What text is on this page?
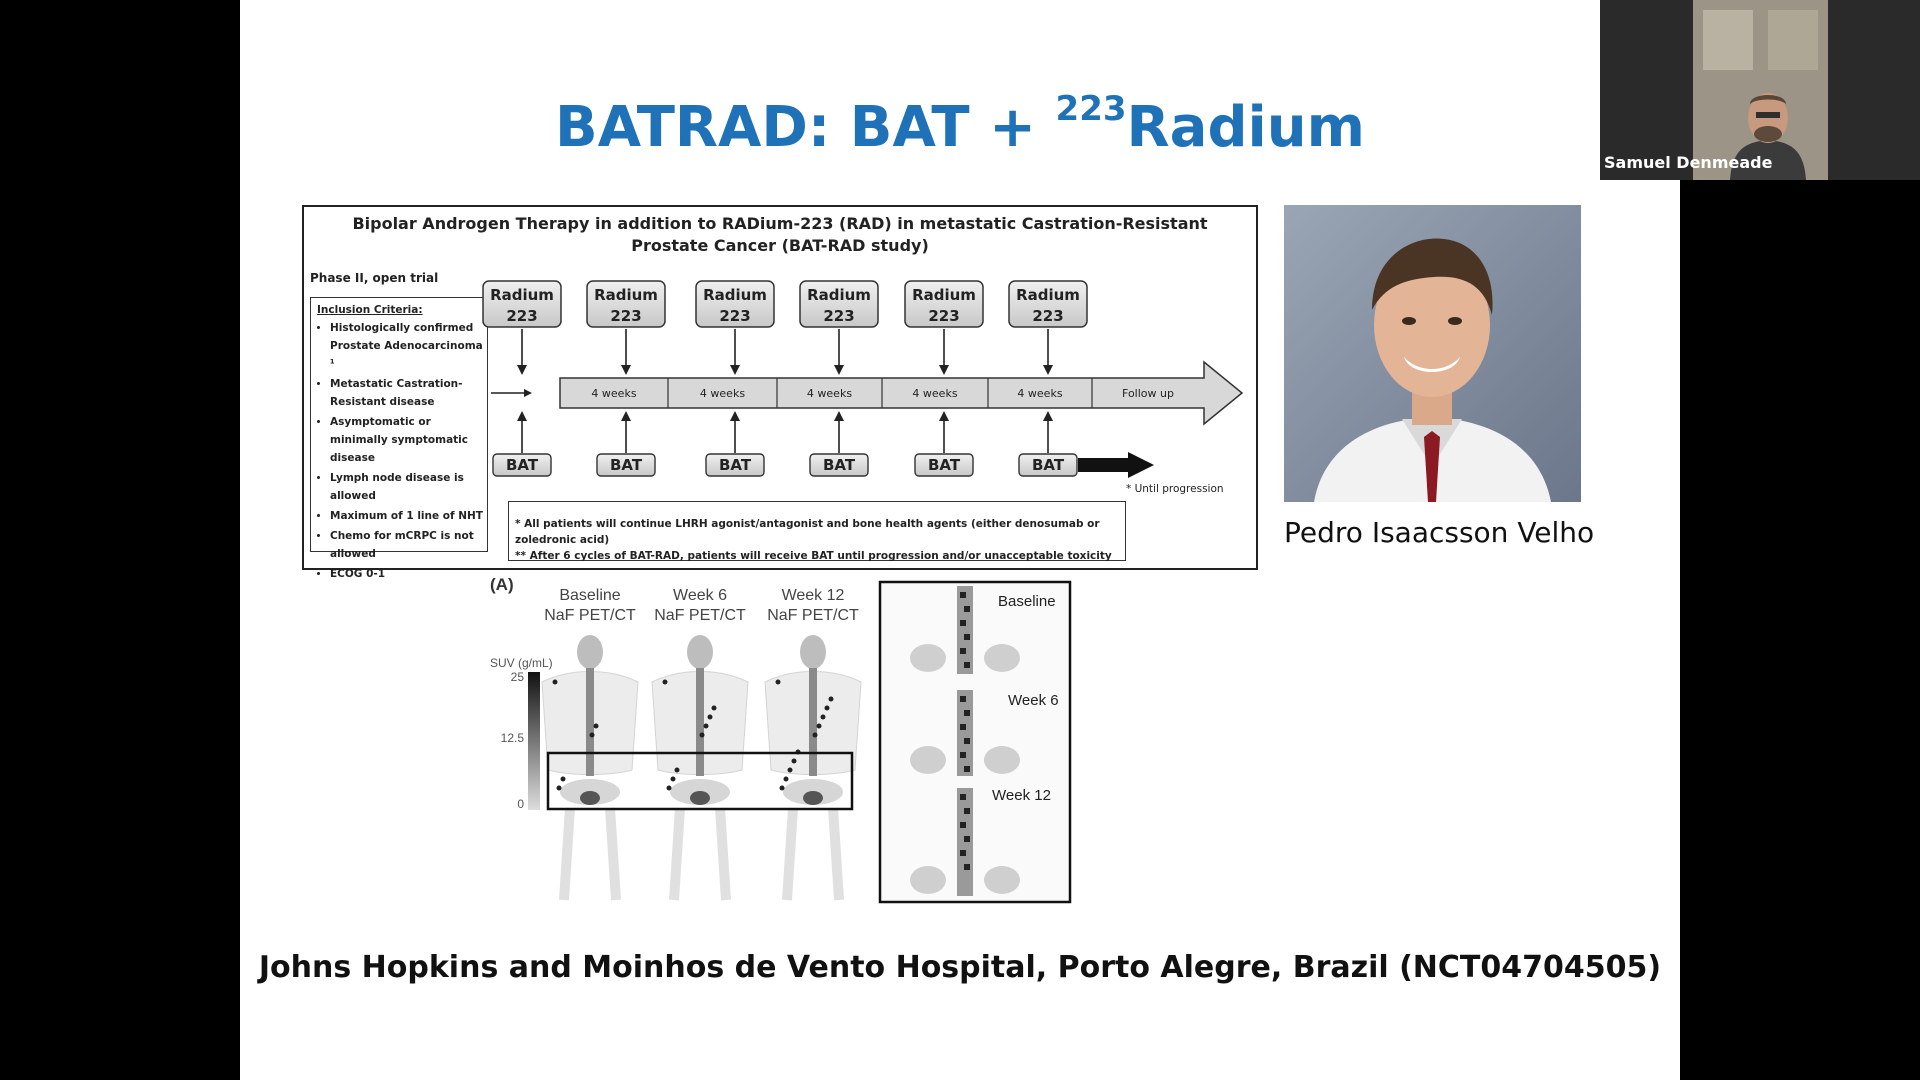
BATRAD: BAT + $^{223}$Radium
Bipolar Androgen Therapy in addition to RADium-223 (RAD) in metastatic Castration-Resistant
Prostate Cancer (BAT-RAD study)
Phase II, open trial
Inclusion Criteria:
• Histologically confirmed Prostate Adenocarcinoma ¹
• Metastatic Castration-Resistant disease
• Asymptomatic or minimally symptomatic disease
• Lymph node disease is allowed
• Maximum of 1 line of NHT
• Chemo for mCRPC is not allowed
• ECOG 0-1
4 weeks	4 weeks	4 weeks	4 weeks	4 weeks	Follow up
Radium
223
BAT
Radium
223
BAT
Radium
223
BAT
Radium
223
BAT
Radium
223
BAT
Radium
223
BAT
* Until progression
* All patients will continue LHRH agonist/antagonist and bone health agents (either denosumab or zoledronic acid)
** After 6 cycles of BAT-RAD, patients will receive BAT until progression and/or unacceptable toxicity
Pedro Isaacsson Velho
(A)
Baseline
NaF PET/CT
Week 6
NaF PET/CT
Week 12
NaF PET/CT
SUV (g/mL)
25
12.5
0
Baseline
Week 6
Week 12
Johns Hopkins and Moinhos de Vento Hospital, Porto Alegre, Brazil (NCT04704505)
Samuel Denmeade
